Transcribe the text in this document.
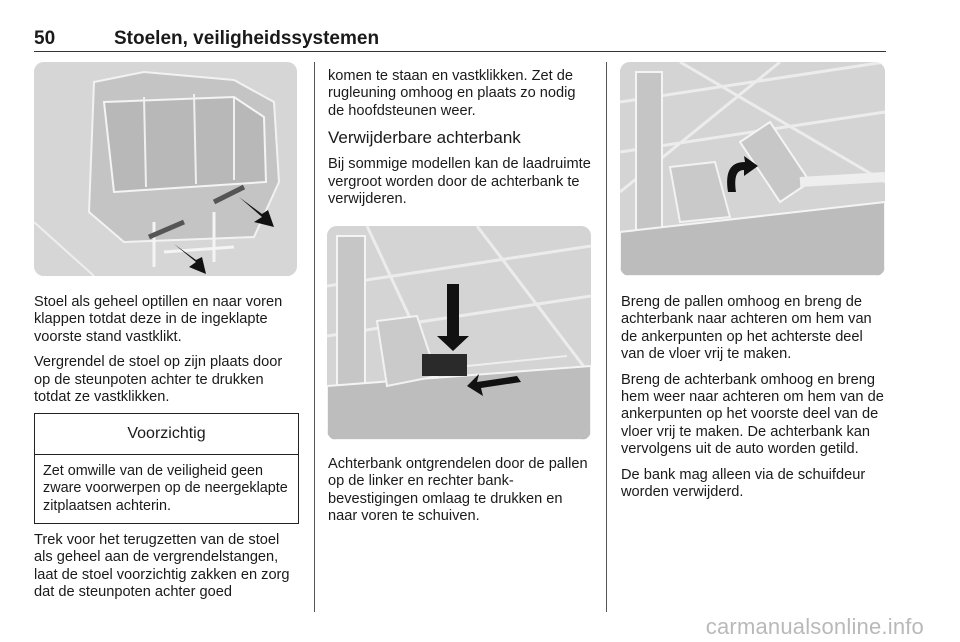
50	Stoelen, veiligheidssystemen

Stoel als geheel optillen en naar voren klappen totdat deze in de ingeklapte voorste stand vastklikt.

Vergrendel de stoel op zijn plaats door op de steunpoten achter te drukken totdat ze vastklikken.

Voorzichtig
Zet omwille van de veiligheid geen zware voorwerpen op de neergeklapte zitplaatsen achterin.

Trek voor het terugzetten van de stoel als geheel aan de vergrendelstangen, laat de stoel voorzichtig zakken en zorg dat de steunpoten achter goed

komen te staan en vastklikken. Zet de rugleuning omhoog en plaats zo nodig de hoofdsteunen weer.

Verwijderbare achterbank

Bij sommige modellen kan de laadruimte vergroot worden door de achterbank te verwijderen.

Achterbank ontgrendelen door de pallen op de linker en rechter bankbevestigingen omlaag te drukken en naar voren te schuiven.

Breng de pallen omhoog en breng de achterbank naar achteren om hem van de ankerpunten op het achterste deel van de vloer vrij te maken.

Breng de achterbank omhoog en breng hem weer naar achteren om hem van de ankerpunten op het voorste deel van de vloer vrij te maken. De achterbank kan vervolgens uit de auto worden getild.

De bank mag alleen via de schuifdeur worden verwijderd.

carmanualsonline.info
